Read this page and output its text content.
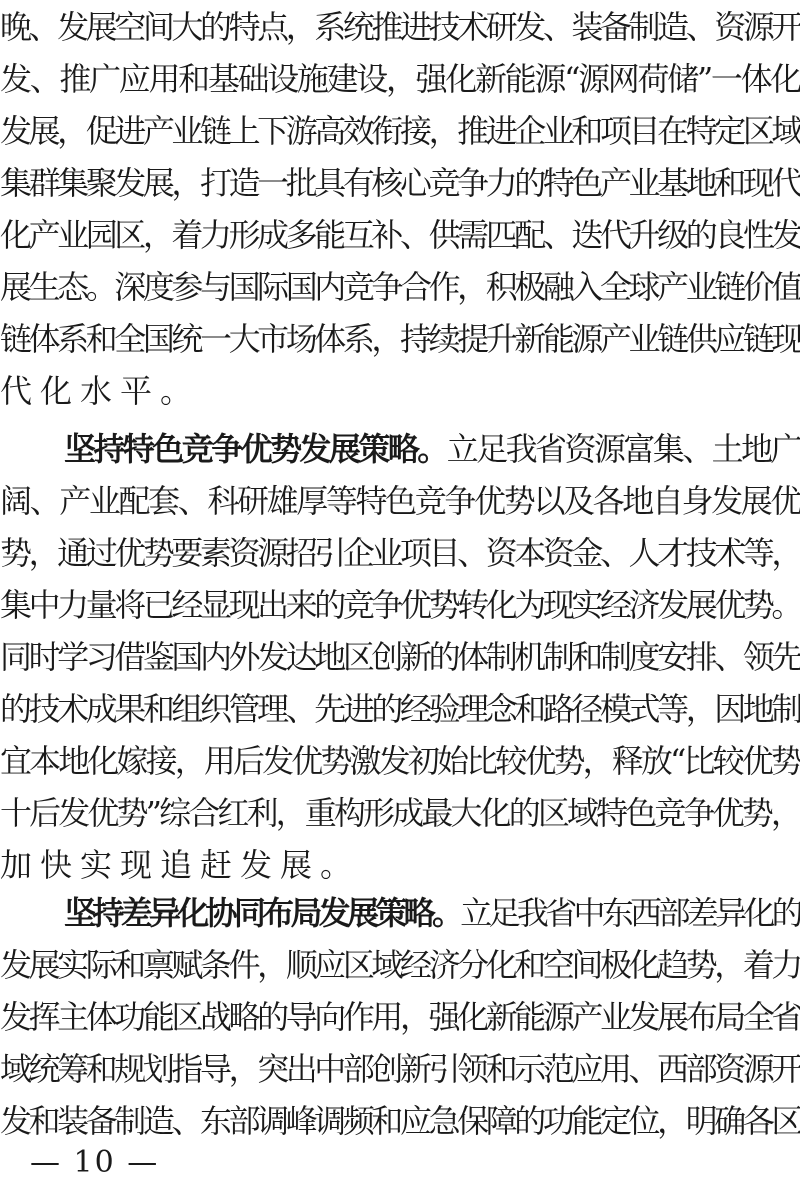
晚、发展空间大的特点，系统推进技术研发、装备制造、资源开
发、推广应用和基础设施建设，强化新能源“源网荷储”一体化
发展，促进产业链上下游高效衔接，推进企业和项目在特定区域
集群集聚发展，打造一批具有核心竞争力的特色产业基地和现代
化产业园区，着力形成多能互补、供需匹配、迭代升级的良性发
展生态。深度参与国际国内竞争合作，积极融入全球产业链价值
链体系和全国统一大市场体系，持续提升新能源产业链供应链现
代化水平。
坚持特色竞争优势发展策略。立足我省资源富集、土地广
阔、产业配套、科研雄厚等特色竞争优势以及各地自身发展优
势，通过优势要素资源招引企业项目、资本资金、人才技术等，
集中力量将已经显现出来的竞争优势转化为现实经济发展优势。
同时学习借鉴国内外发达地区创新的体制机制和制度安排、领先
的技术成果和组织管理、先进的经验理念和路径模式等，因地制
宜本地化嫁接，用后发优势激发初始比较优势，释放“比较优势
十后发优势”综合红利，重构形成最大化的区域特色竞争优势，
加快实现追赶发展。
坚持差异化协同布局发展策略。立足我省中东西部差异化的
发展实际和禀赋条件，顺应区域经济分化和空间极化趋势，着力
发挥主体功能区战略的导向作用，强化新能源产业发展布局全省
域统筹和规划指导，突出中部创新引领和示范应用、西部资源开
发和装备制造、东部调峰调频和应急保障的功能定位，明确各区
— 10 —
